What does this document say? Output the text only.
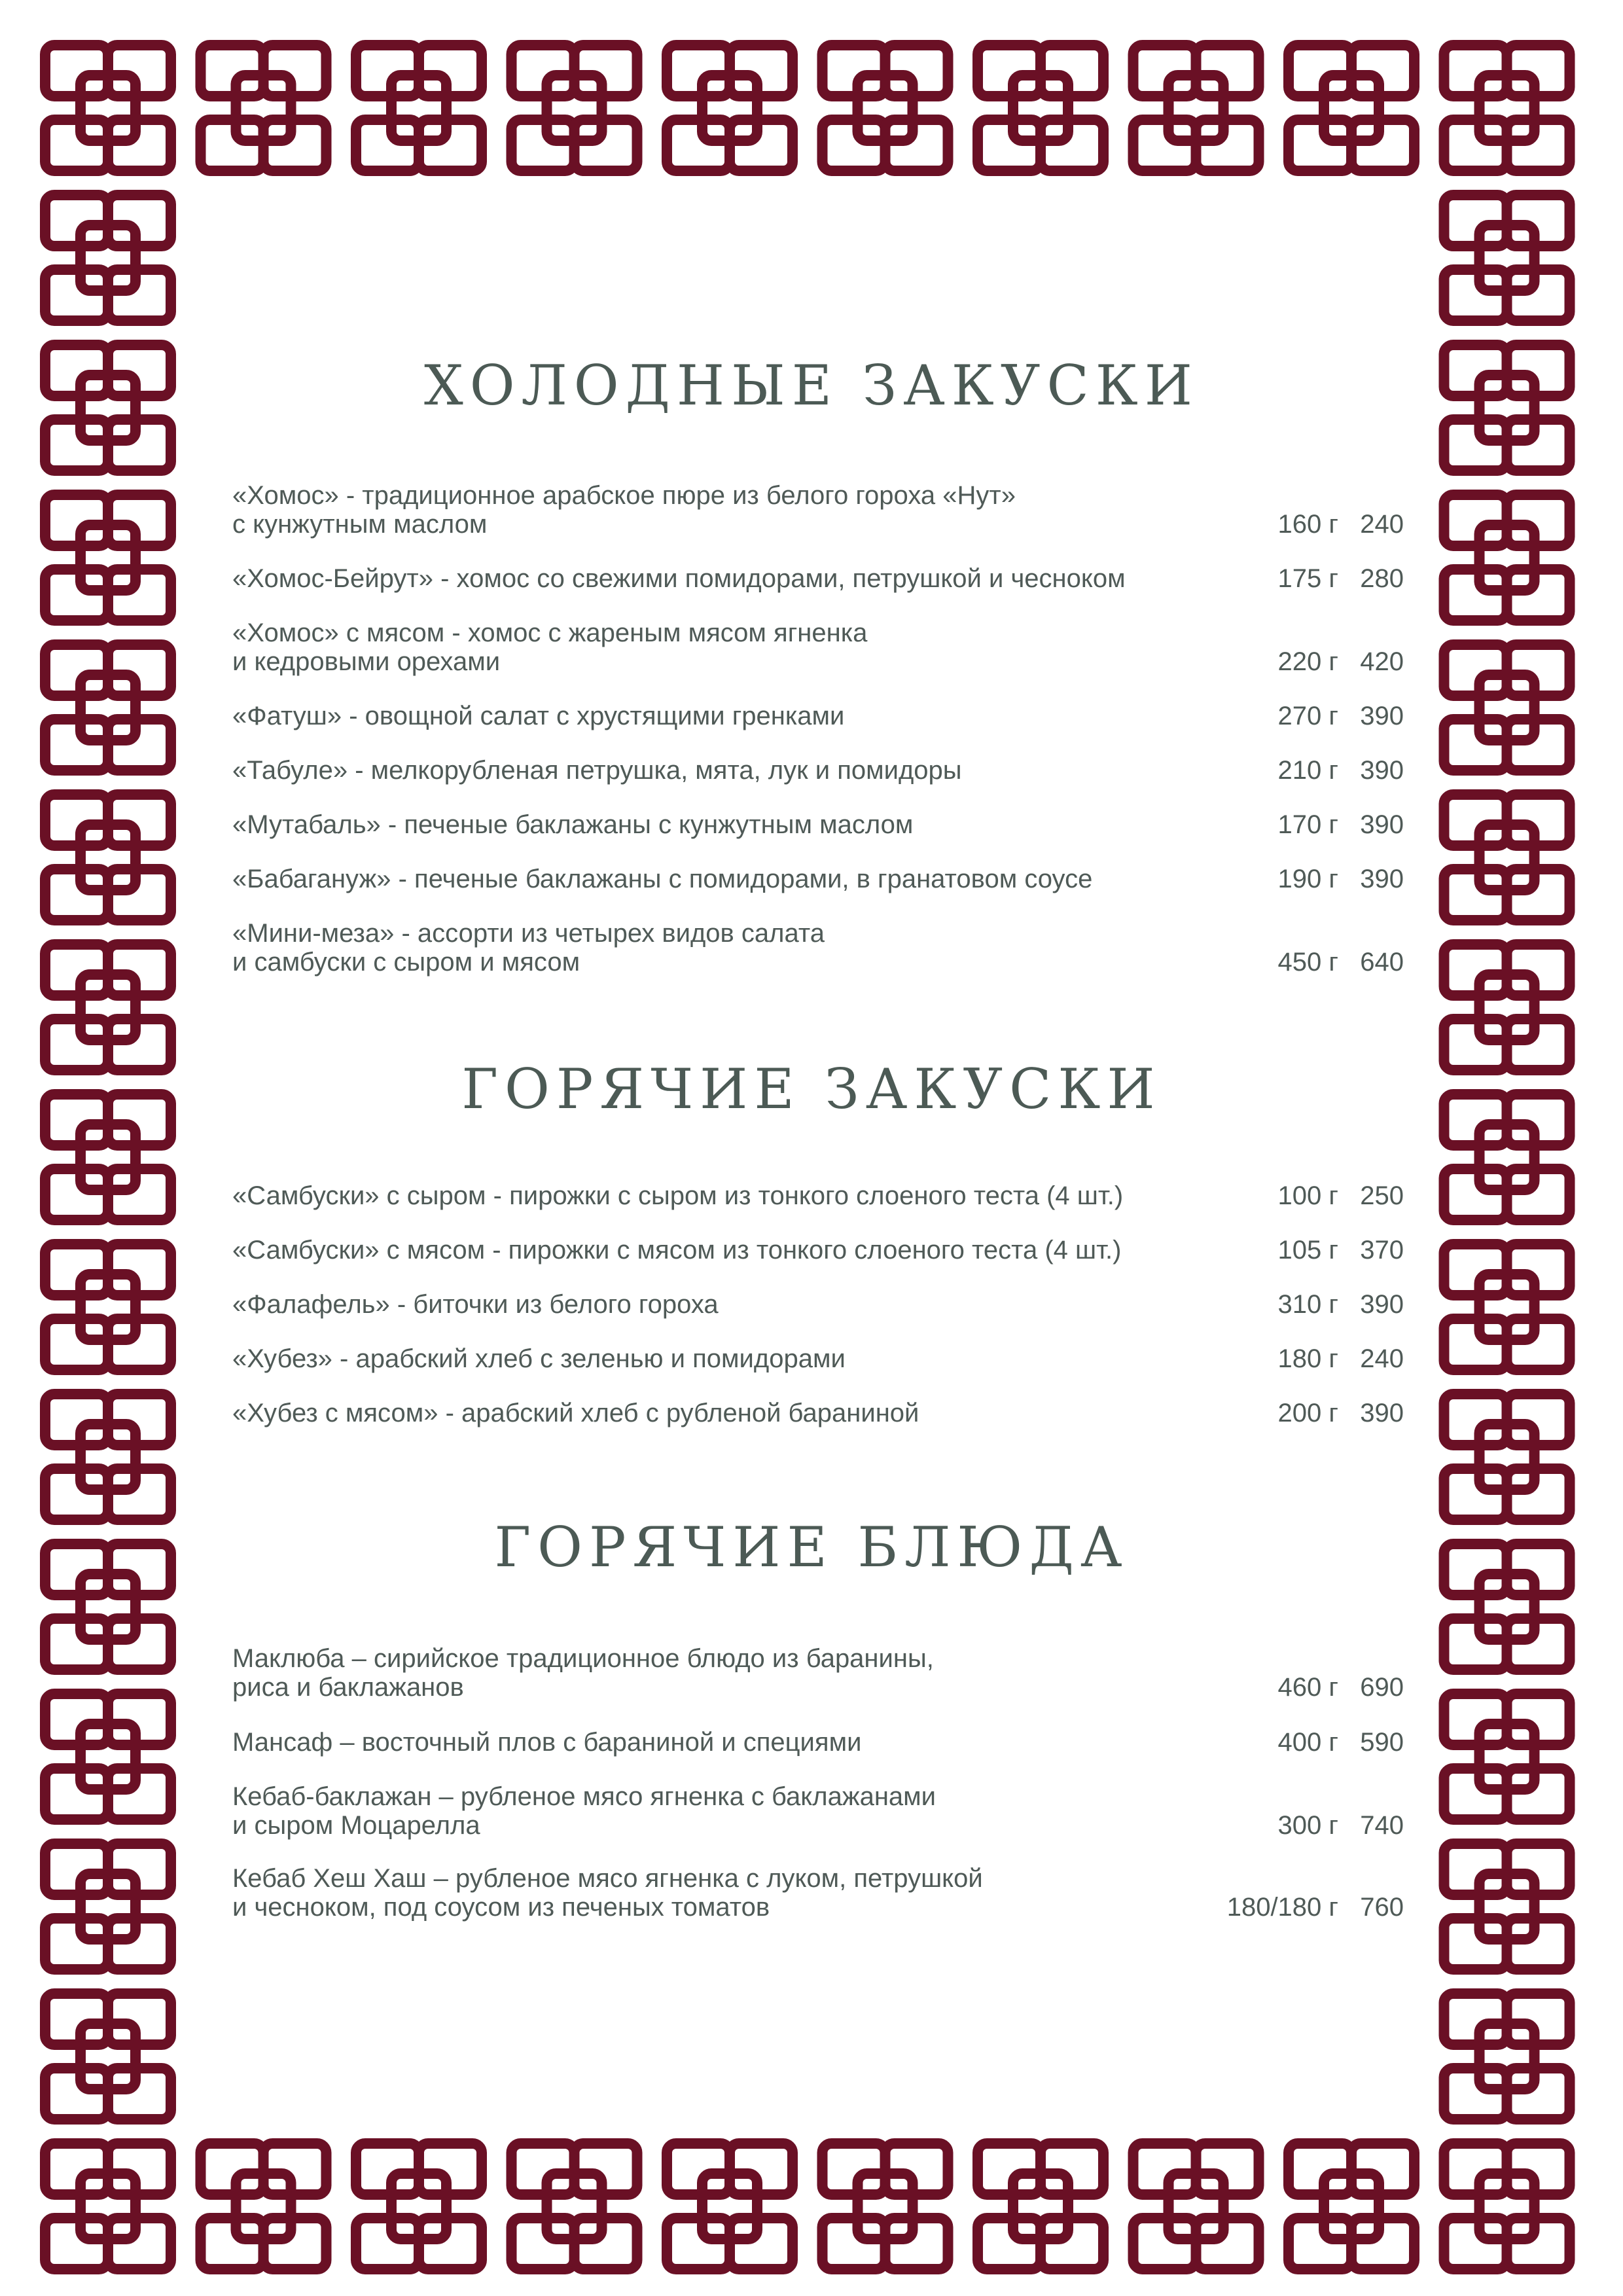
ХОЛОДНЫЕ ЗАКУСКИ
ГОРЯЧИЕ ЗАКУСКИ
ГОРЯЧИЕ БЛЮДА
«Хомос» - традиционное арабское пюре из белого гороха «Нут»
с кунжутным маслом	160 г 240
«Хомос-Бейрут» - хомос со свежими помидорами, петрушкой и чесноком	175 г 280
«Хомос» с мясом - хомос с жареным мясом ягненка
и кедровыми орехами	220 г 420
«Фатуш» - овощной салат с хрустящими гренками	270 г 390
«Табуле» - мелкорубленая петрушка, мята, лук и помидоры	210 г 390
«Мутабаль» - печеные баклажаны с кунжутным маслом	170 г 390
«Бабагануж» - печеные баклажаны с помидорами, в гранатовом соусе	190 г 390
«Мини-меза» - ассорти из четырех видов салата
и самбуски с сыром и мясом	450 г 640
«Самбуски» с сыром - пирожки с сыром из тонкого слоеного теста (4 шт.)	100 г 250
«Самбуски» с мясом - пирожки с мясом из тонкого слоеного теста (4 шт.)	105 г 370
«Фалафель» - биточки из белого гороха	310 г 390
«Хубез» - арабский хлеб с зеленью и помидорами	180 г 240
«Хубез с мясом» - арабский хлеб с рубленой бараниной	200 г 390
Маклюба – сирийское традиционное блюдо из баранины,
риса и баклажанов	460 г 690
Мансаф – восточный плов с бараниной и специями	400 г 590
Кебаб-баклажан – рубленое мясо ягненка с баклажанами
и сыром Моцарелла	300 г 740
Кебаб Хеш Хаш – рубленое мясо ягненка с луком, петрушкой
и чесноком, под соусом из печеных томатов	180/180 г 760
